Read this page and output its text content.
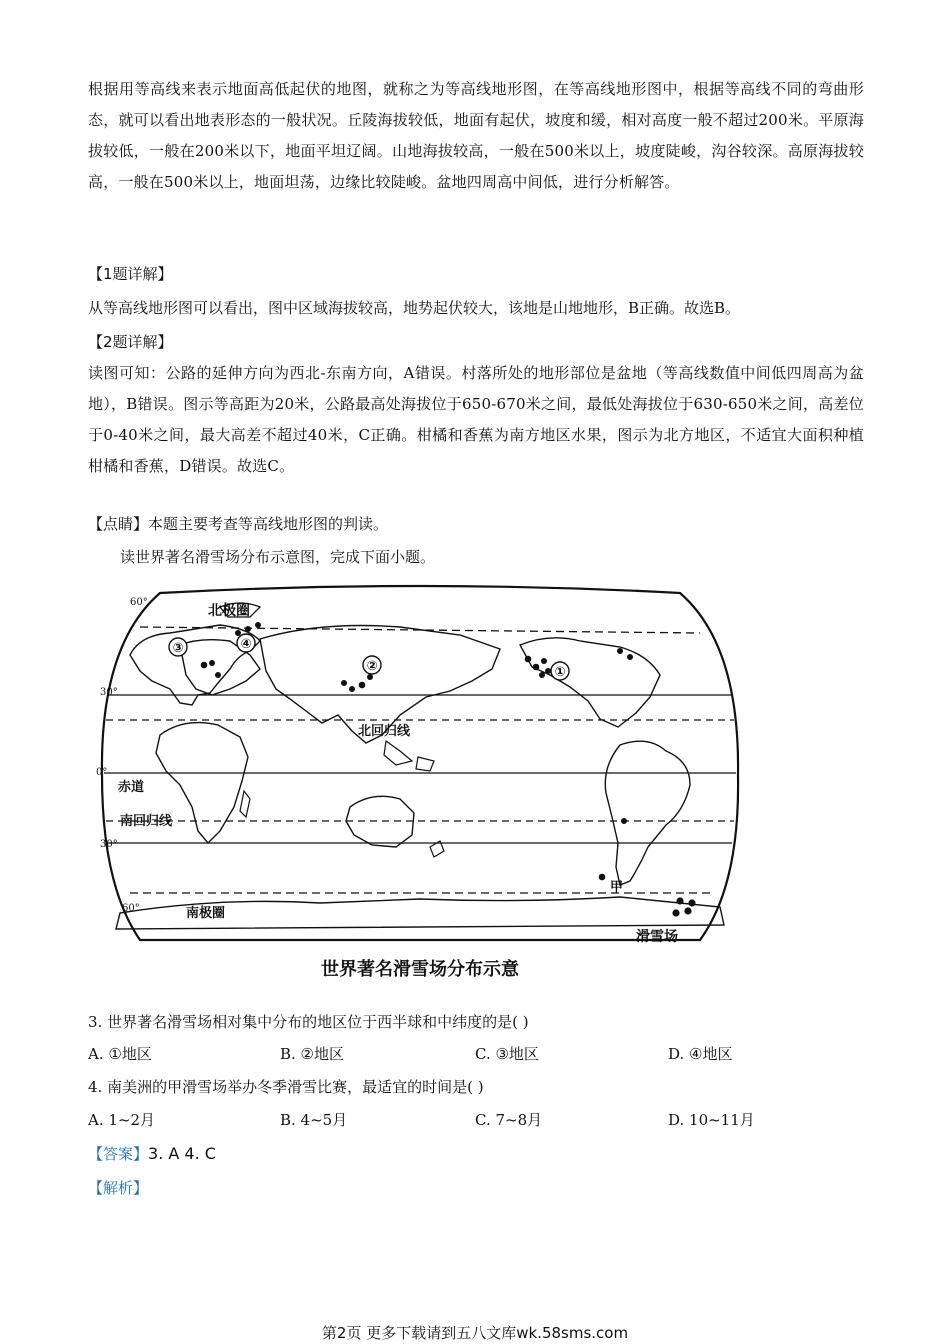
根据用等高线来表示地面高低起伏的地图，就称之为等高线地形图，在等高线地形图中，根据等高线不同的弯曲形态，就可以看出地表形态的一般状况。丘陵海拔较低，地面有起伏，坡度和缓，相对高度一般不超过200米。平原海拔较低，一般在200米以下，地面平坦辽阔。山地海拔较高，一般在500米以上，坡度陡峻，沟谷较深。高原海拔较高，一般在500米以上，地面坦荡，边缘比较陡峻。盆地四周高中间低，进行分析解答。
【1题详解】
从等高线地形图可以看出，图中区域海拔较高，地势起伏较大，该地是山地地形，B正确。故选B。
【2题详解】
读图可知：公路的延伸方向为西北-东南方向，A错误。村落所处的地形部位是盆地（等高线数值中间低四周高为盆地），B错误。图示等高距为20米，公路最高处海拔位于650-670米之间，最低处海拔位于630-650米之间，高差位于0-40米之间，最大高差不超过40米，C正确。柑橘和香蕉为南方地区水果，图示为北方地区，不适宜大面积种植柑橘和香蕉，D错误。故选C。
【点睛】本题主要考查等高线地形图的判读。
读世界著名滑雪场分布示意图，完成下面小题。
①
②
③	④
北极圈
北回归线
赤道
南回归线
南极圈
甲
滑雪场
60°
30°
0°
30°
60°
世界著名滑雪场分布示意
3. 世界著名滑雪场相对集中分布的地区位于西半球和中纬度的是( )
A. ①地区	B. ②地区	C. ③地区	D. ④地区
4. 南美洲的甲滑雪场举办冬季滑雪比赛，最适宜的时间是( )
A. 1~2月	B. 4~5月	C. 7~8月	D. 10~11月
【答案】3. A 4. C
【解析】
第2页 更多下载请到五八文库wk.58sms.com
